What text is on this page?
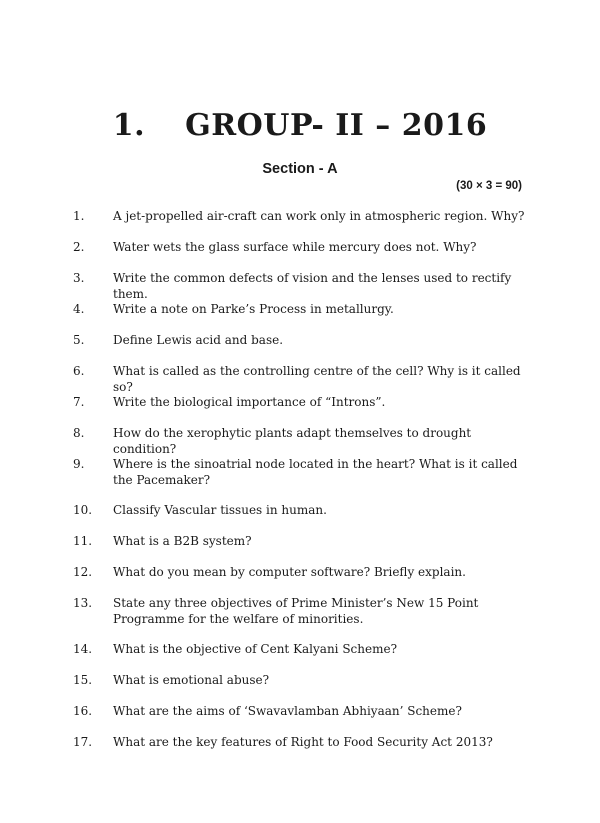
1. GROUP- II – 2016
Section - A
(30 × 3 = 90)
1. A jet-propelled air-craft can work only in atmospheric region. Why?
2. Water wets the glass surface while mercury does not. Why?
3. Write the common defects of vision and the lenses used to rectify them.
4. Write a note on Parke’s Process in metallurgy.
5. Define Lewis acid and base.
6. What is called as the controlling centre of the cell? Why is it called so?
7. Write the biological importance of “Introns”.
8. How do the xerophytic plants adapt themselves to drought condition?
9. Where is the sinoatrial node located in the heart? What is it called the Pacemaker?
10. Classify Vascular tissues in human.
11. What is a B2B system?
12. What do you mean by computer software? Briefly explain.
13. State any three objectives of Prime Minister’s New 15 Point Programme for the welfare of minorities.
14. What is the objective of Cent Kalyani Scheme?
15. What is emotional abuse?
16. What are the aims of ‘Swavavlamban Abhiyaan’ Scheme?
17. What are the key features of Right to Food Security Act 2013?
